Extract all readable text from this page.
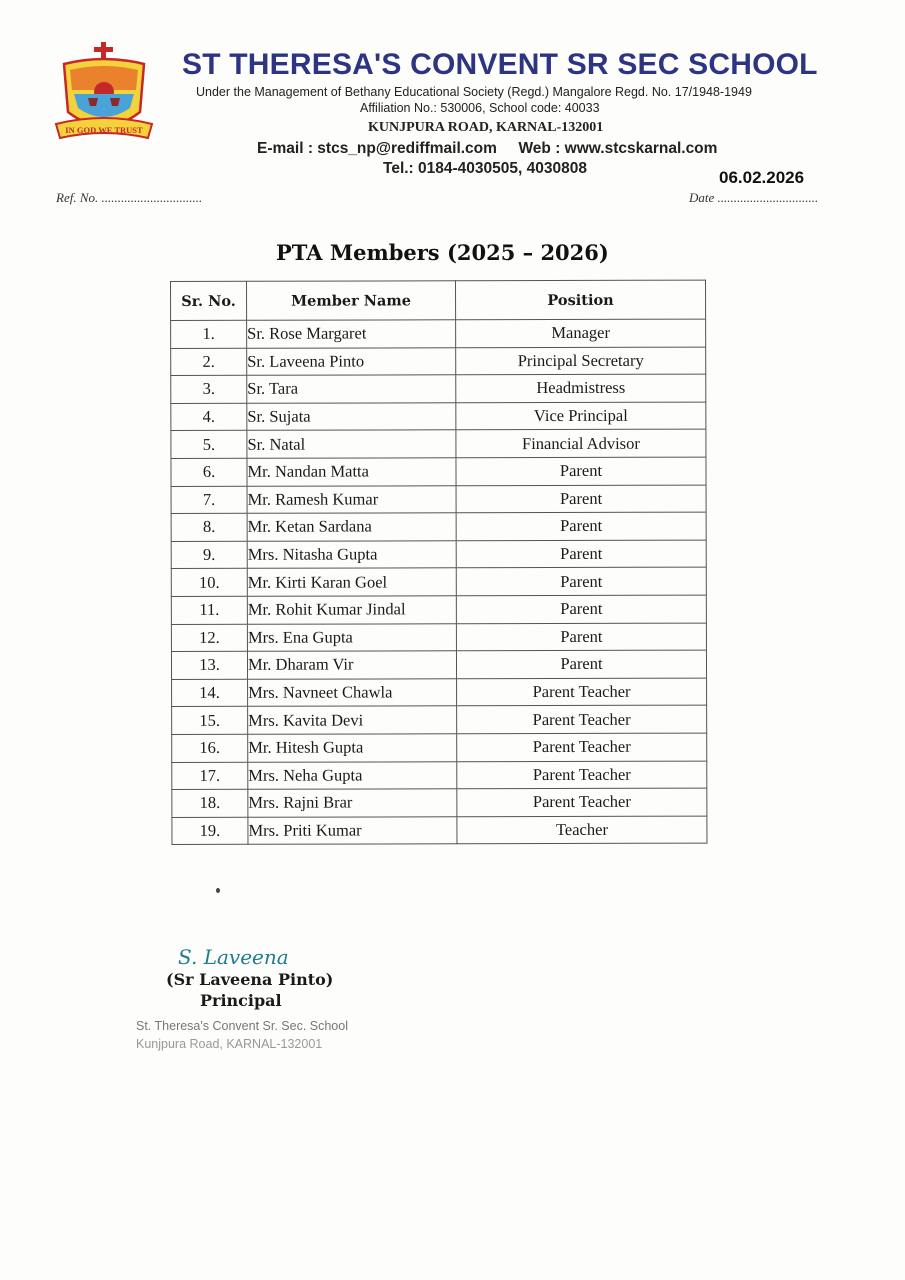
IN GOD WE TRUST
ST THERESA'S CONVENT SR SEC SCHOOL
Under the Management of Bethany Educational Society (Regd.) Mangalore Regd. No. 17/1948-1949
Affiliation No.: 530006, School code: 40033
KUNJPURA ROAD, KARNAL-132001
E-mail : stcs_np@rediffmail.com     Web : www.stcskarnal.com
Tel.: 0184-4030505, 4030808
Ref. No. ...............................
06.02.2026
Date ...............................
PTA Members (2025 – 2026)
Sr. No.	Member Name	Position
1.	Sr. Rose Margaret	Manager
2.	Sr. Laveena Pinto	Principal Secretary
3.	Sr. Tara	Headmistress
4.	Sr. Sujata	Vice Principal
5.	Sr. Natal	Financial Advisor
6.	Mr. Nandan Matta	Parent
7.	Mr. Ramesh Kumar	Parent
8.	Mr. Ketan Sardana	Parent
9.	Mrs. Nitasha Gupta	Parent
10.	Mr. Kirti Karan Goel	Parent
11.	Mr. Rohit Kumar Jindal	Parent
12.	Mrs. Ena Gupta	Parent
13.	Mr. Dharam Vir	Parent
14.	Mrs. Navneet Chawla	Parent Teacher
15.	Mrs. Kavita Devi	Parent Teacher
16.	Mr. Hitesh Gupta	Parent Teacher
17.	Mrs. Neha Gupta	Parent Teacher
18.	Mrs. Rajni Brar	Parent Teacher
19.	Mrs. Priti Kumar	Teacher
S. Laveena
(Sr Laveena Pinto)
Principal
St. Theresa's Convent Sr. Sec. School
Kunjpura Road, KARNAL-132001
